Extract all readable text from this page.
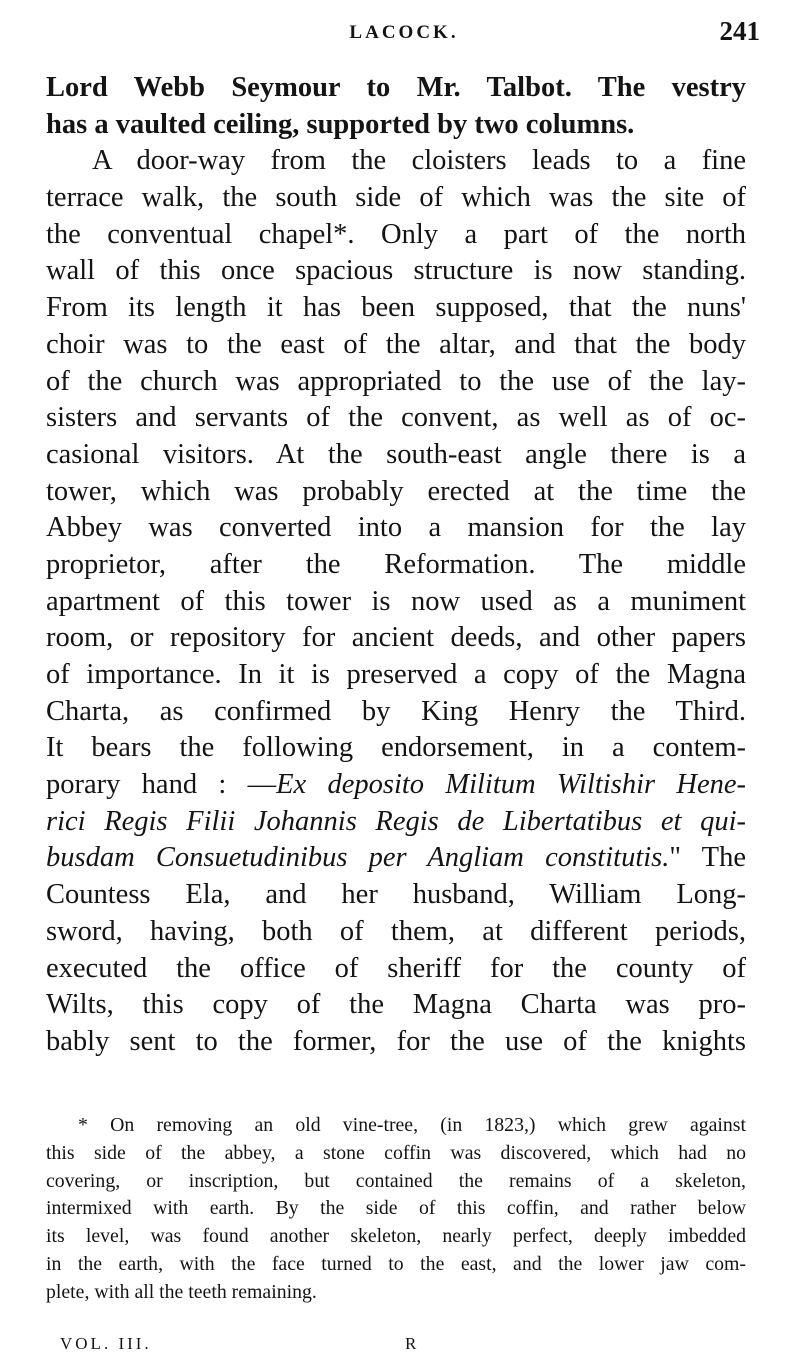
LACOCK.	241
Lord Webb Seymour to Mr. Talbot. The vestry
has a vaulted ceiling, supported by two columns.
A door-way from the cloisters leads to a fine
terrace walk, the south side of which was the site of
the conventual chapel*. Only a part of the north
wall of this once spacious structure is now standing.
From its length it has been supposed, that the nuns'
choir was to the east of the altar, and that the body
of the church was appropriated to the use of the lay-
sisters and servants of the convent, as well as of oc-
casional visitors. At the south-east angle there is a
tower, which was probably erected at the time the
Abbey was converted into a mansion for the lay
proprietor, after the Reformation. The middle
apartment of this tower is now used as a muniment
room, or repository for ancient deeds, and other papers
of importance. In it is preserved a copy of the Magna
Charta, as confirmed by King Henry the Third.
It bears the following endorsement, in a contem-
porary hand : —Ex deposito Militum Wiltishir Hene-
rici Regis Filii Johannis Regis de Libertatibus et qui-
busdam Consuetudinibus per Angliam constitutis." The
Countess Ela, and her husband, William Long-
sword, having, both of them, at different periods,
executed the office of sheriff for the county of
Wilts, this copy of the Magna Charta was pro-
bably sent to the former, for the use of the knights
* On removing an old vine-tree, (in 1823,) which grew against
this side of the abbey, a stone coffin was discovered, which had no
covering, or inscription, but contained the remains of a skeleton,
intermixed with earth. By the side of this coffin, and rather below
its level, was found another skeleton, nearly perfect, deeply imbedded
in the earth, with the face turned to the east, and the lower jaw com-
plete, with all the teeth remaining.
VOL. III.	R
